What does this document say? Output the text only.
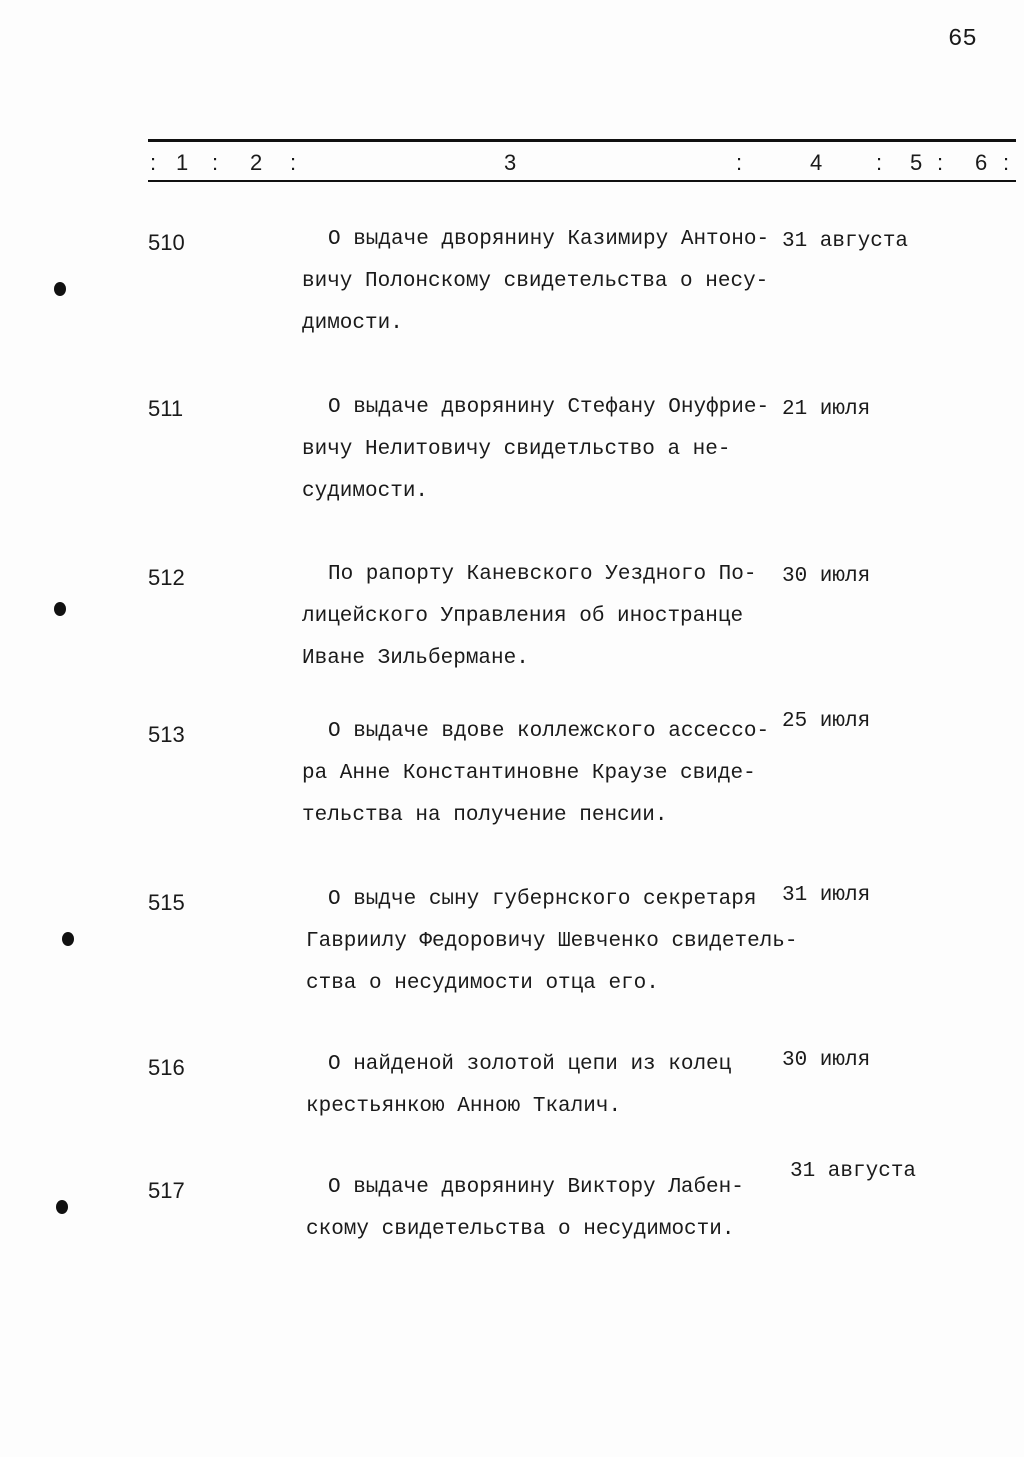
65
:	:	:	:	: :	:
1	2	3	4	5 6
510	О выдаче дворянину Казимиру Антоно-
вичу Полонскому свидетельства о несу-
димости.
31 августа
511	О выдаче дворянину Стефану Онуфрие-
вичу Нелитовичу свидетльство а не-
судимости.
21 июля
512	По рапорту Каневского Уездного По-
лицейского Управления об иностранце
Иване Зильбермане.
30 июля
513	О выдаче вдове коллежского ассессо-
ра Анне Константиновне Краузе свиде-
тельства на получение пенсии.
25 июля
515	О выдче сыну губернского секретаря
Гавриилу Федоровичу Шевченко свидетель-
ства о несудимости отца его.
31 июля
516	О найденой золотой цепи из колец
крестьянкою Анною Ткалич.
30 июля
517	О выдаче дворянину Виктору Лабен-
скому свидетельства о несудимости.
31 августа
